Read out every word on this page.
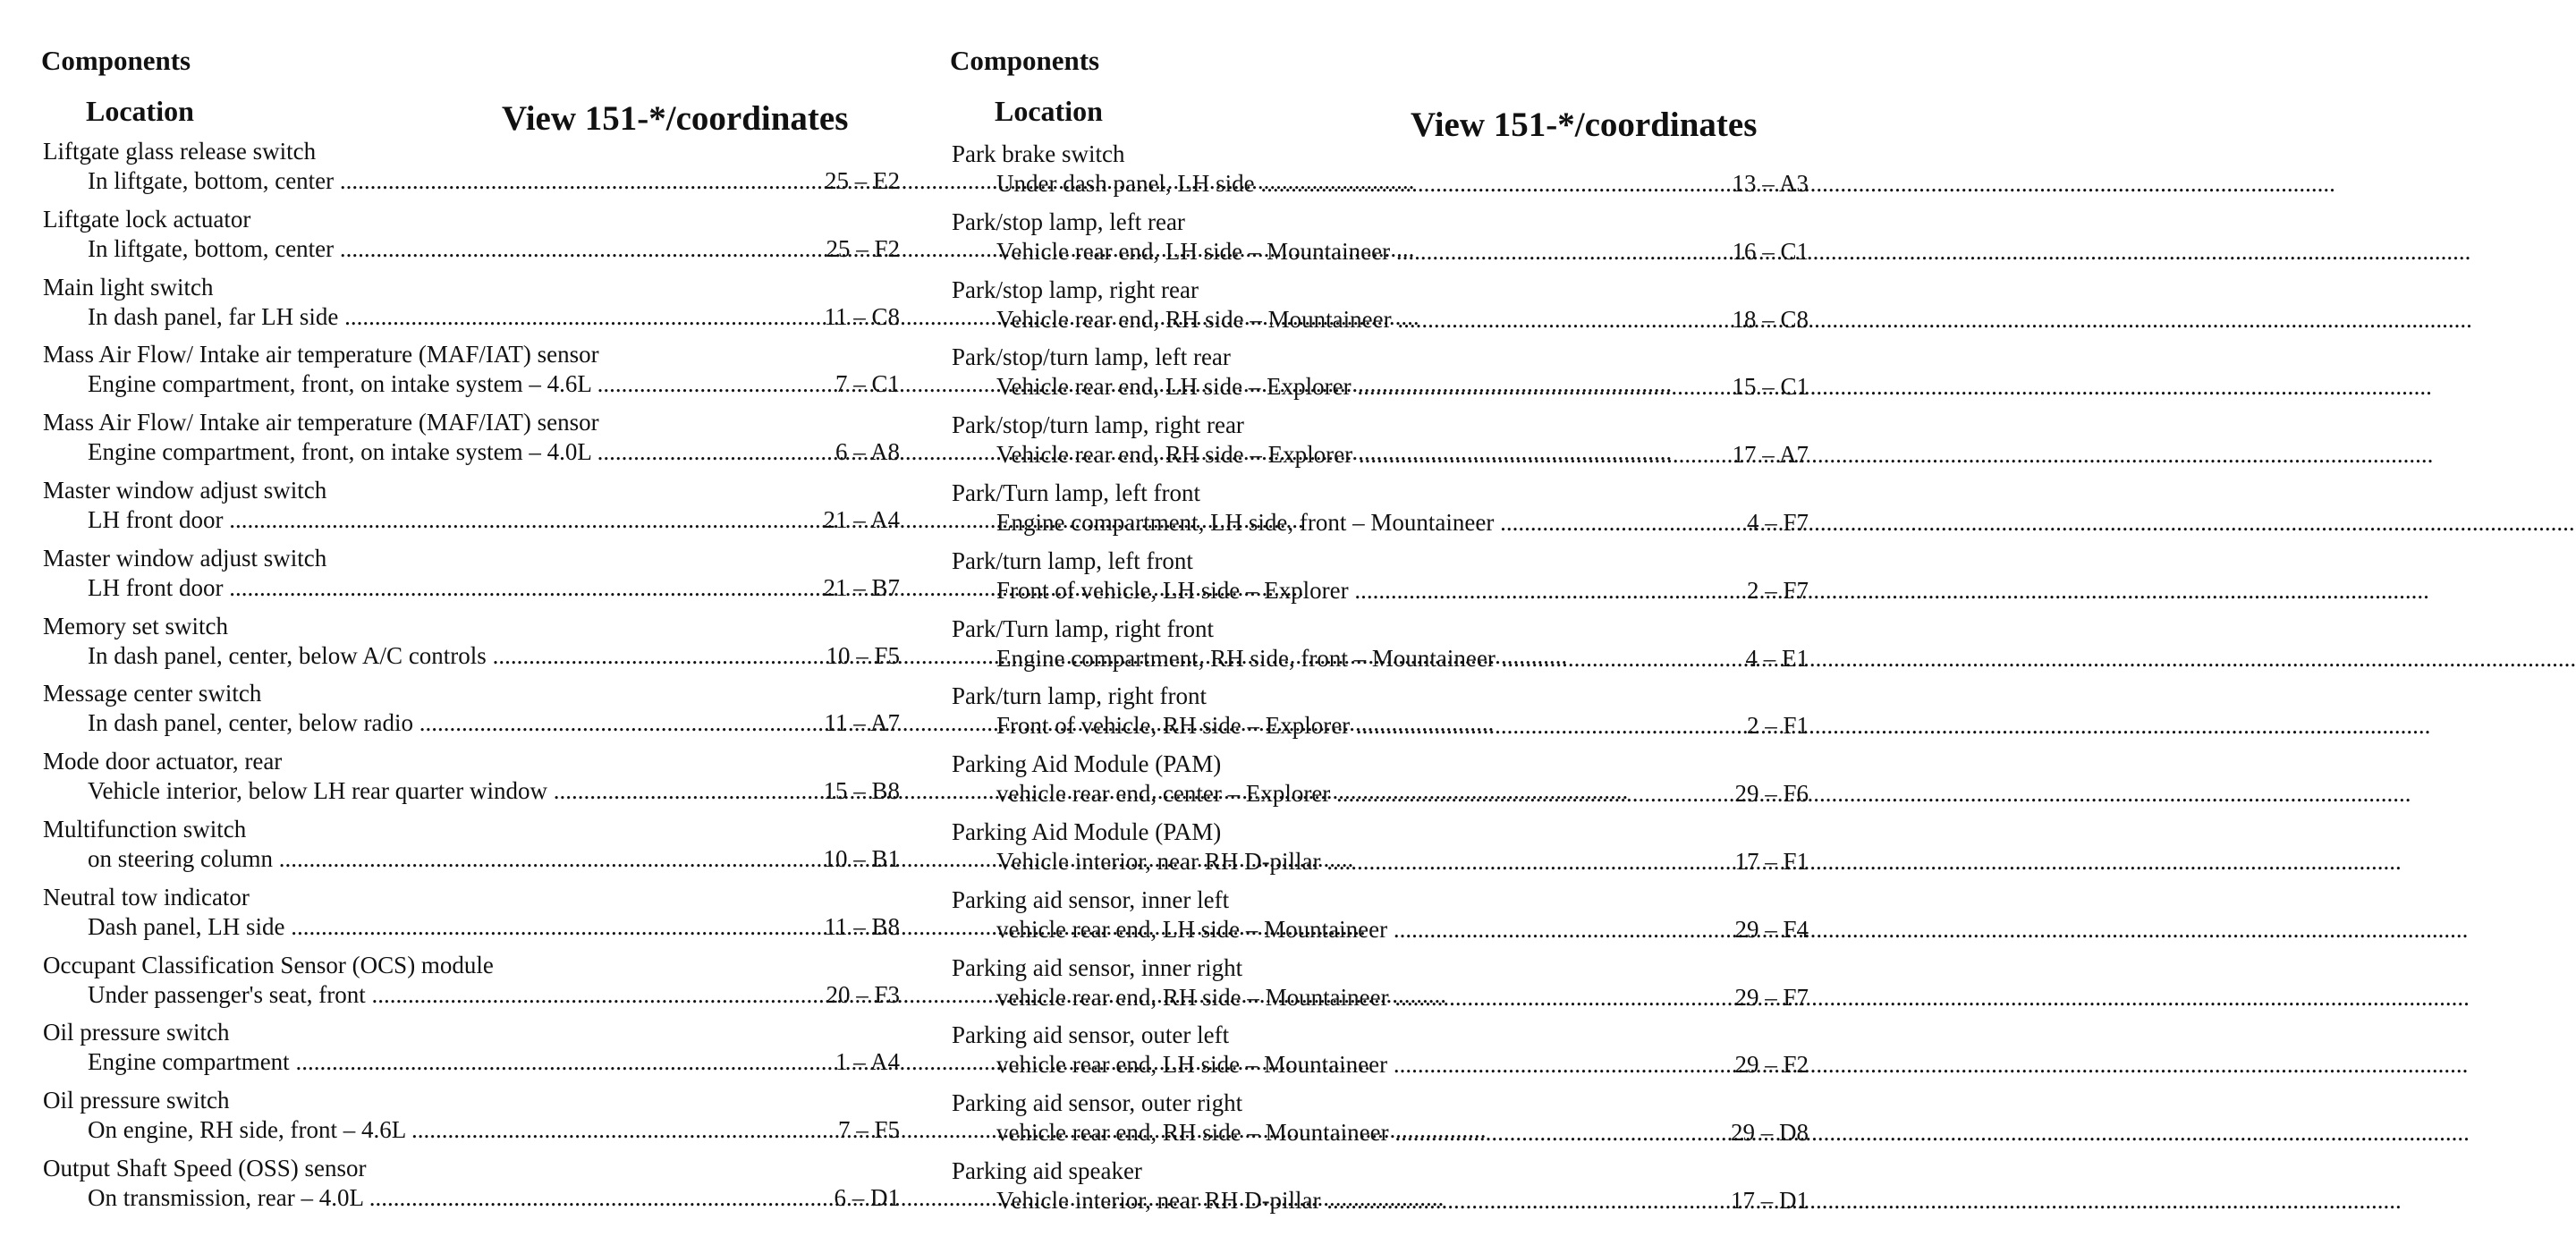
Components
Location	View 151-*/coordinates
Liftgate glass release switch
In liftgate, bottom, center .....	25 – E2
Liftgate lock actuator
In liftgate, bottom, center .....	25 – F2
Main light switch
In dash panel, far LH side .....	11 – C8
Mass Air Flow/ Intake air temperature (MAF/IAT) sensor
Engine compartment, front, on intake system – 4.6L .....	7 – C1
Mass Air Flow/ Intake air temperature (MAF/IAT) sensor
Engine compartment, front, on intake system – 4.0L .....	6 – A8
Master window adjust switch
LH front door .....	21 – A4
Master window adjust switch
LH front door .....	21 – B7
Memory set switch
In dash panel, center, below A/C controls .....	10 – F5
Message center switch
In dash panel, center, below radio .....	11 – A7
Mode door actuator, rear
Vehicle interior, below LH rear quarter window .....	15 – B8
Multifunction switch
on steering column .....	10 – B1
Neutral tow indicator
Dash panel, LH side .....	11 – B8
Occupant Classification Sensor (OCS) module
Under passenger's seat, front .....	20 – F3
Oil pressure switch
Engine compartment .....	1 – A4
Oil pressure switch
On engine, RH side, front – 4.6L .....	7 – F5
Output Shaft Speed (OSS) sensor
On transmission, rear – 4.0L .....	6 – D1
Components
Location	View 151-*/coordinates
Park brake switch
Under dash panel, LH side .....	13 – A3
Park/stop lamp, left rear
Vehicle rear end, LH side – Mountaineer .....	16 – C1
Park/stop lamp, right rear
Vehicle rear end, RH side – Mountaineer .....	18 – C8
Park/stop/turn lamp, left rear
Vehicle rear end, LH side – Explorer .....	15 – C1
Park/stop/turn lamp, right rear
Vehicle rear end, RH side – Explorer .....	17 – A7
Park/Turn lamp, left front
Engine compartment, LH side, front – Mountaineer .....	4 – F7
Park/turn lamp, left front
Front of vehicle, LH side – Explorer .....	2 – F7
Park/Turn lamp, right front
Engine compartment, RH side, front – Mountaineer .....	4 – E1
Park/turn lamp, right front
Front of vehicle, RH side – Explorer .....	2 – F1
Parking Aid Module (PAM)
vehicle rear end, center – Explorer .....	29 – F6
Parking Aid Module (PAM)
Vehicle interior, near RH D-pillar .....	17 – F1
Parking aid sensor, inner left
vehicle rear end, LH side – Mountaineer .....	29 – F4
Parking aid sensor, inner right
vehicle rear end, RH side – Mountaineer .....	29 – F7
Parking aid sensor, outer left
vehicle rear end, LH side – Mountaineer .....	29 – F2
Parking aid sensor, outer right
vehicle rear end, RH side – Mountaineer .....	29 – D8
Parking aid speaker
Vehicle interior, near RH D-pillar .....	17 – D1
